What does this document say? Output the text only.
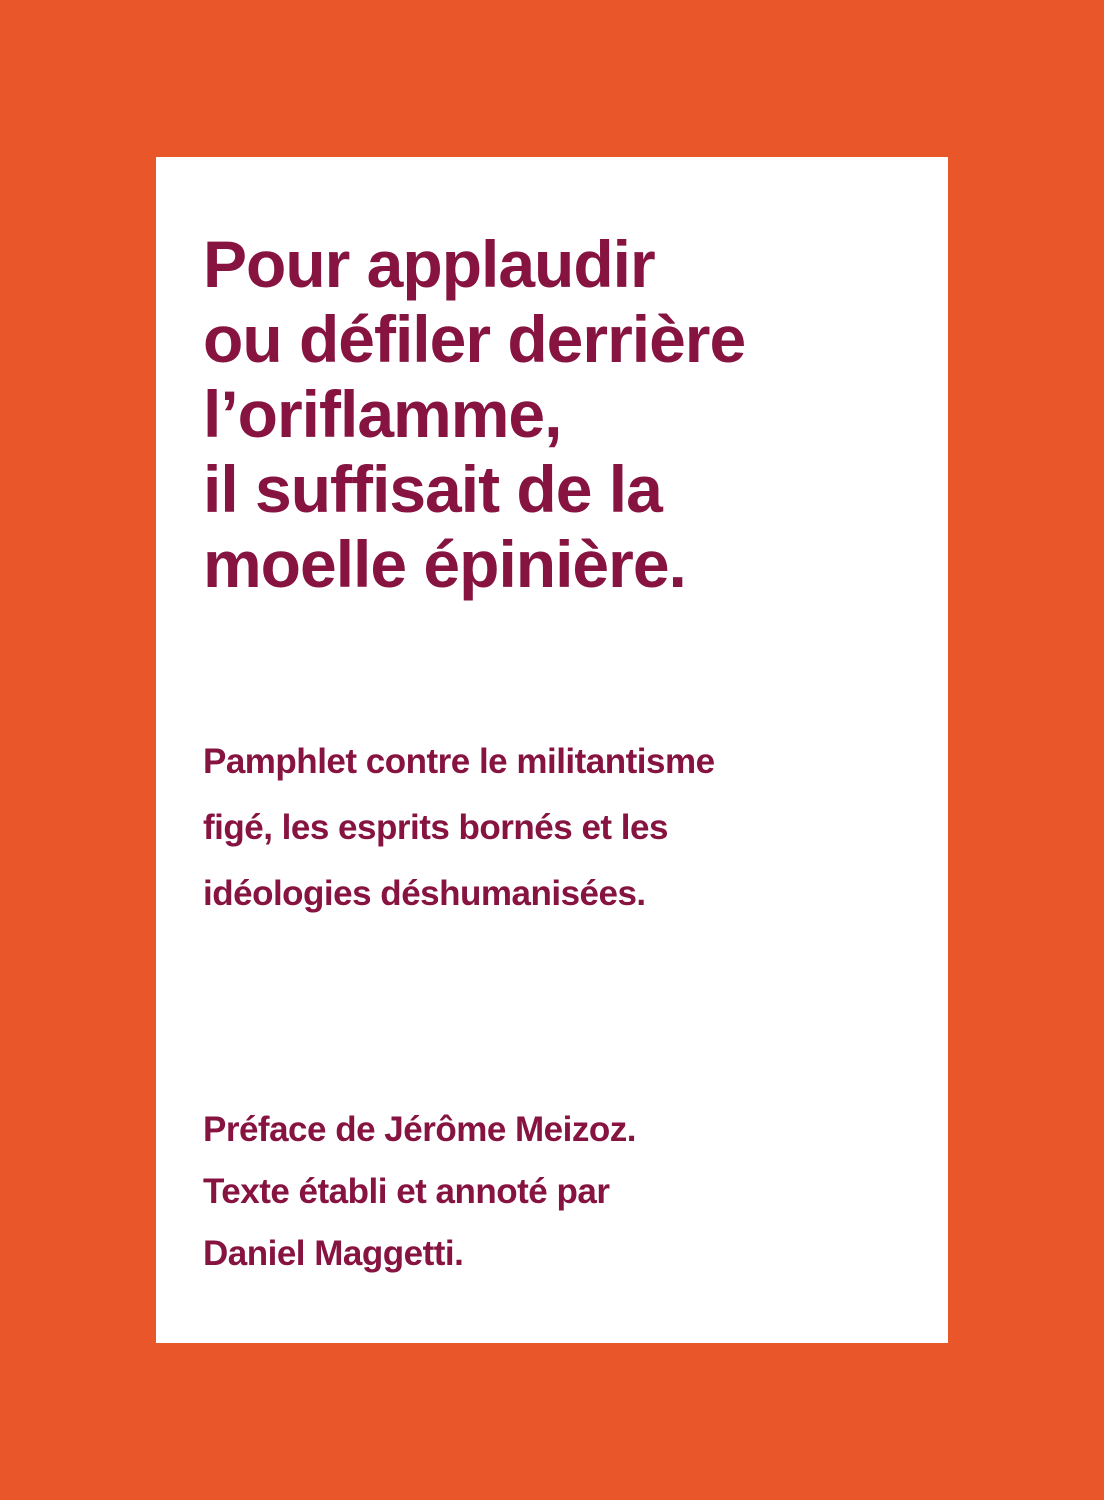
Pour applaudir
ou défiler derrière
l’oriflamme,
il suffisait de la
moelle épinière.

Pamphlet contre le militantisme
figé, les esprits bornés et les
idéologies déshumanisées.

Préface de Jérôme Meizoz.
Texte établi et annoté par
Daniel Maggetti.
